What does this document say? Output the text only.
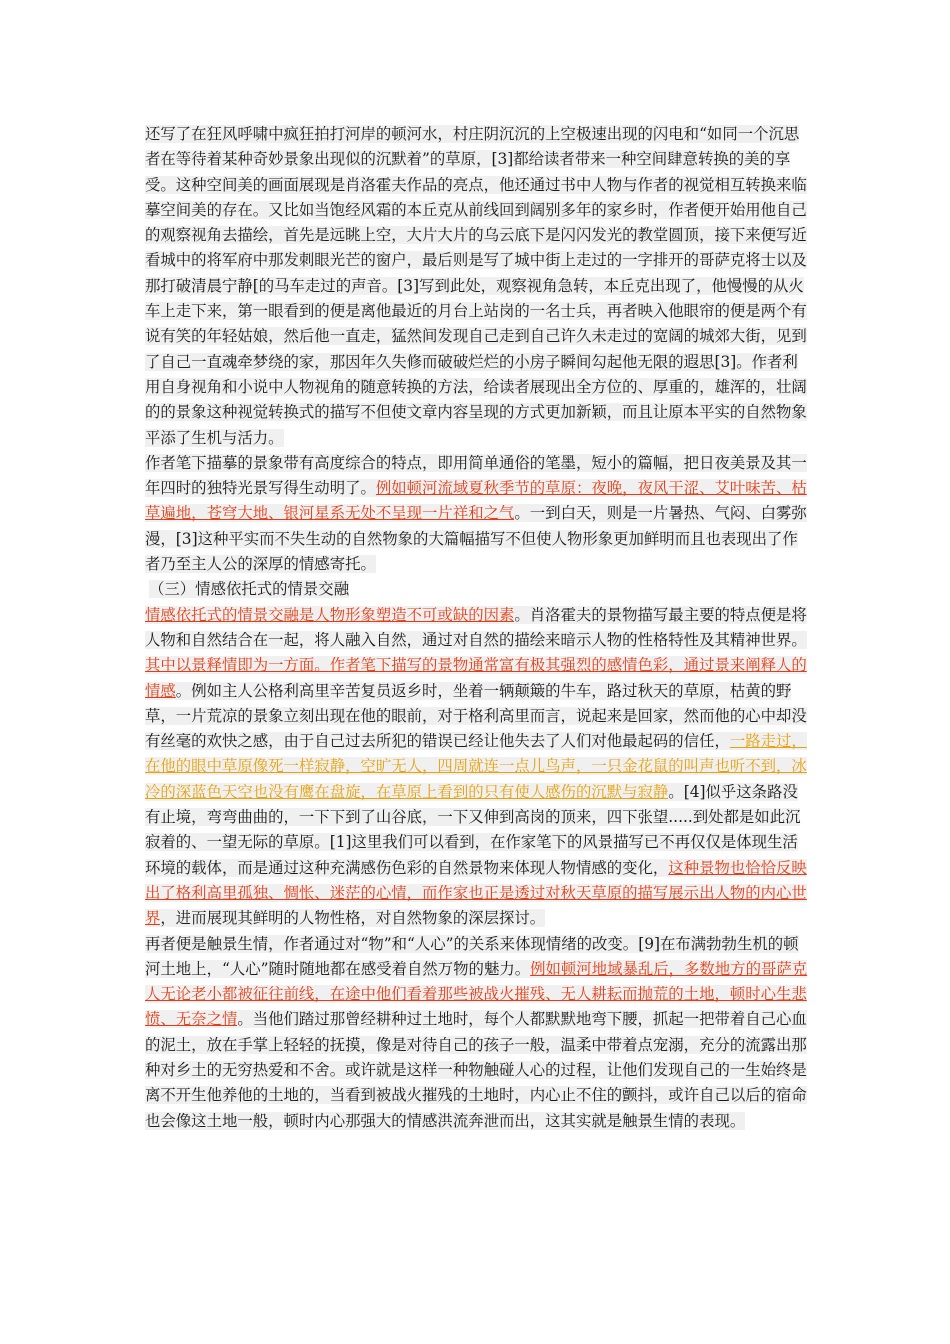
还写了在狂风呼啸中疯狂拍打河岸的顿河水，村庄阴沉沉的上空极速出现的闪电和“如同一个沉思者在等待着某种奇妙景象出现似的沉默着”的草原，[3]都给读者带来一种空间肆意转换的美的享受。这种空间美的画面展现是肖洛霍夫作品的亮点，他还通过书中人物与作者的视觉相互转换来临摹空间美的存在。又比如当饱经风霜的本丘克从前线回到阔别多年的家乡时，作者便开始用他自己的观察视角去描绘，首先是远眺上空，大片大片的乌云底下是闪闪发光的教堂圆顶，接下来便写近看城中的将军府中那发刺眼光芒的窗户，最后则是写了城中街上走过的一字排开的哥萨克将士以及那打破清晨宁静[的马车走过的声音。[3]写到此处，观察视角急转，本丘克出现了，他慢慢的从火车上走下来，第一眼看到的便是离他最近的月台上站岗的一名士兵，再者映入他眼帘的便是两个有说有笑的年轻姑娘，然后他一直走，猛然间发现自己走到自己许久未走过的宽阔的城郊大街，见到了自己一直魂牵梦绕的家，那因年久失修而破破烂烂的小房子瞬间勾起他无限的遐思[3]。作者利用自身视角和小说中人物视角的随意转换的方法，给读者展现出全方位的、厚重的，雄浑的，壮阔的的景象这种视觉转换式的描写不但使文章内容呈现的方式更加新颖，而且让原本平实的自然物象平添了生机与活力。
作者笔下描摹的景象带有高度综合的特点，即用简单通俗的笔墨，短小的篇幅，把日夜美景及其一年四时的独特光景写得生动明了。例如顿河流域夏秋季节的草原：夜晚，夜风干涩、艾叶味苦、枯草遍地，苍穹大地、银河星系无处不呈现一片祥和之气。一到白天，则是一片暑热、气闷、白雾弥漫，[3]这种平实而不失生动的自然物象的大篇幅描写不但使人物形象更加鲜明而且也表现出了作者乃至主人公的深厚的情感寄托。
（三）情感依托式的情景交融
情感依托式的情景交融是人物形象塑造不可或缺的因素。肖洛霍夫的景物描写最主要的特点便是将人物和自然结合在一起，将人融入自然，通过对自然的描绘来暗示人物的性格特性及其精神世界。其中以景释情即为一方面。作者笔下描写的景物通常富有极其强烈的感情色彩，通过景来阐释人的情感。例如主人公格利高里辛苦复员返乡时，坐着一辆颠簸的牛车，路过秋天的草原，枯黄的野草，一片荒凉的景象立刻出现在他的眼前，对于格利高里而言，说起来是回家，然而他的心中却没有丝毫的欢快之感，由于自己过去所犯的错误已经让他失去了人们对他最起码的信任，一路走过，在他的眼中草原像死一样寂静，空旷无人，四周就连一点儿鸟声，一只金花鼠的叫声也听不到，冰冷的深蓝色天空也没有鹰在盘旋，在草原上看到的只有使人感伤的沉默与寂静。[4]似乎这条路没有止境，弯弯曲曲的，一下下到了山谷底，一下又伸到高岗的顶来，四下张望.....到处都是如此沉寂着的、一望无际的草原。[1]这里我们可以看到，在作家笔下的风景描写已不再仅仅是体现生活环境的载体，而是通过这种充满感伤色彩的自然景物来体现人物情感的变化，这种景物也恰恰反映出了格利高里孤独、惆怅、迷茫的心情，而作家也正是透过对秋天草原的描写展示出人物的内心世界，进而展现其鲜明的人物性格，对自然物象的深层探讨。
再者便是触景生情，作者通过对“物”和“人心”的关系来体现情绪的改变。[9]在布满勃勃生机的顿河土地上，“人心”随时随地都在感受着自然万物的魅力。例如顿河地域暴乱后，多数地方的哥萨克人无论老小都被征往前线，在途中他们看着那些被战火摧残、无人耕耘而抛荒的土地，顿时心生悲愤、无奈之情。当他们踏过那曾经耕种过土地时，每个人都默默地弯下腰，抓起一把带着自己心血的泥土，放在手掌上轻轻的抚摸，像是对待自己的孩子一般，温柔中带着点宠溺，充分的流露出那种对乡土的无穷热爱和不舍。或许就是这样一种物触碰人心的过程，让他们发现自己的一生始终是离不开生他养他的土地的，当看到被战火摧残的土地时，内心止不住的颤抖，或许自己以后的宿命也会像这土地一般，顿时内心那强大的情感洪流奔泄而出，这其实就是触景生情的表现。
